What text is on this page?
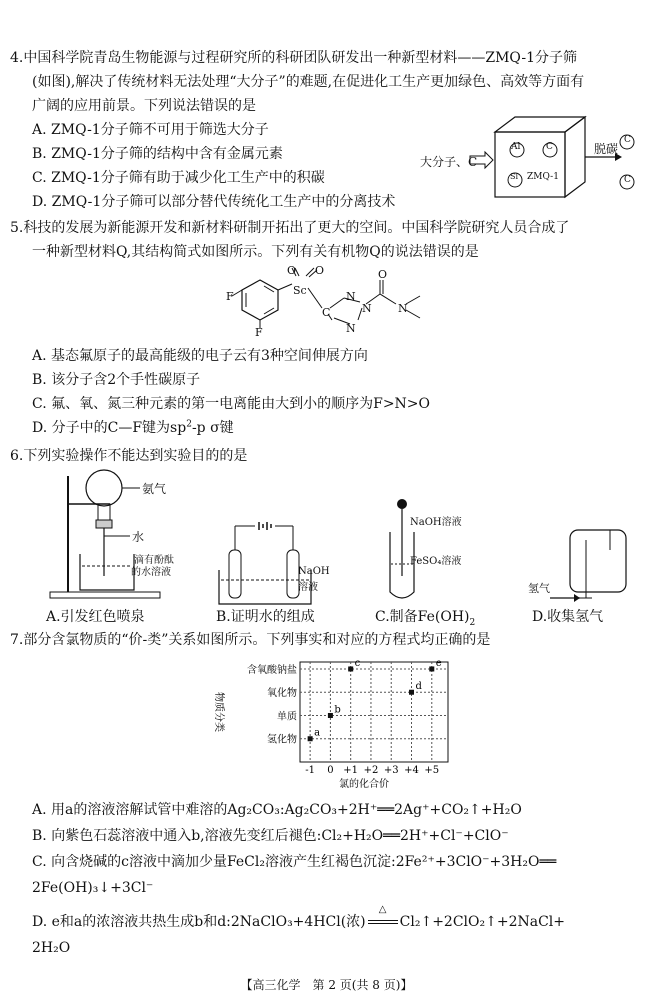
4.中国科学院青岛生物能源与过程研究所的科研团队研发出一种新型材料——ZMQ-1分子筛
(如图),解决了传统材料无法处理“大分子”的难题,在促进化工生产更加绿色、高效等方面有
广阔的应用前景。下列说法错误的是
A. ZMQ-1分子筛不可用于筛选大分子
B. ZMQ-1分子筛的结构中含有金属元素
C. ZMQ-1分子筛有助于减少化工生产中的积碳
D. ZMQ-1分子筛可以部分替代传统化工生产中的分离技术
大分子、C
ZMQ-1
脱碳
Al	C
Si
C
C
5.科技的发展为新能源开发和新材料研制开拓出了更大的空间。中国科学院研究人员合成了
一种新型材料Q,其结构简式如图所示。下列有关有机物Q的说法错误的是
F
F
Sc
O O
C
N
N
N
N
O
A. 基态氟原子的最高能级的电子云有3种空间伸展方向
B. 该分子含2个手性碳原子
C. 氟、氧、氮三种元素的第一电离能由大到小的顺序为F>N>O
D. 分子中的C—F键为$sp^2-p$ σ键
6.下列实验操作不能达到实验目的的是
氨气
水
滴有酚酞
的水溶液	NaOH
溶液
NaOH溶液
FeSO₄溶液
氢气
A.引发红色喷泉	B.证明水的组成	C.制备$Fe(OH)_2$	D.收集氢气
7.部分含氯物质的“价-类”关系如图所示。下列事实和对应的方程式均正确的是
-1 0 +1 +2 +3 +4 +5
氢化物
单质
氧化物
含氧酸钠盐
a
b
c
d
e
氯的化合价
物质分类
A. 用a的溶液溶解试管中难溶的Ag₂CO₃:Ag₂CO₃+2H⁺══2Ag⁺+CO₂↑+H₂O
B. 向紫色石蕊溶液中通入b,溶液先变红后褪色:Cl₂+H₂O══2H⁺+Cl⁻+ClO⁻
C. 向含烧碱的c溶液中滴加少量FeCl₂溶液产生红褐色沉淀:2Fe²⁺+3ClO⁻+3H₂O══
2Fe(OH)₃↓+3Cl⁻
D. e和a的浓溶液共热生成b和d:2NaClO₃+4HCl(浓)
△
Cl₂↑+2ClO₂↑+2NaCl+
2H₂O
【高三化学　第 2 页(共 8 页)】
